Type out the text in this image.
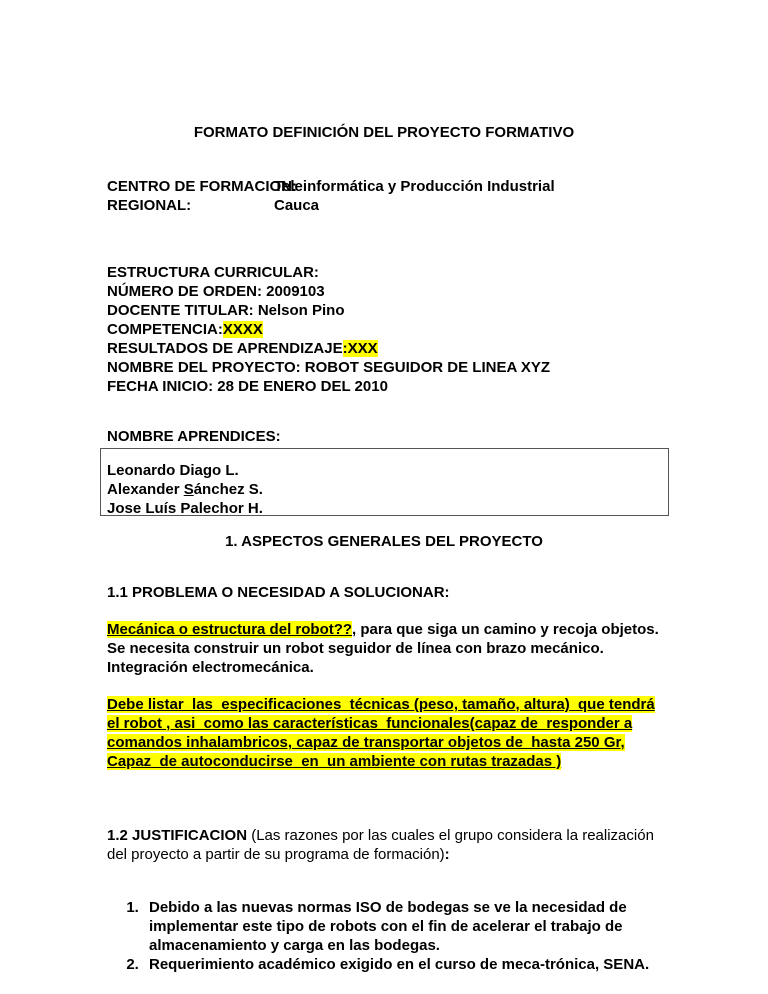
FORMATO DEFINICIÓN DEL PROYECTO FORMATIVO
CENTRO DE FORMACION:Teleinformática y Producción Industrial
REGIONAL:	Cauca
ESTRUCTURA CURRICULAR:
NÚMERO DE ORDEN: 2009103
DOCENTE TITULAR: Nelson Pino
COMPETENCIA:XXXX
RESULTADOS DE APRENDIZAJE:XXX
NOMBRE DEL PROYECTO: ROBOT SEGUIDOR DE LINEA XYZ
FECHA INICIO: 28 DE ENERO DEL 2010
NOMBRE APRENDICES:
Leonardo Diago L.
Alexander Sánchez S.
Jose Luís Palechor H.
1. ASPECTOS GENERALES DEL PROYECTO
1.1 PROBLEMA O NECESIDAD A SOLUCIONAR:
Mecánica o estructura del robot??, para que siga un camino y recoja objetos.
Se necesita construir un robot seguidor de línea con brazo mecánico.
Integración electromecánica.
Debe listar  las  especificaciones  técnicas (peso, tamaño, altura)  que tendrá
el robot , asi  como las características  funcionales(capaz de  responder a
comandos inhalambricos, capaz de transportar objetos de  hasta 250 Gr,
Capaz  de autoconducirse  en  un ambiente con rutas trazadas )
1.2 JUSTIFICACION (Las razones por las cuales el grupo considera la realización
del proyecto a partir de su programa de formación):
1. Debido a las nuevas normas ISO de bodegas se ve la necesidad de implementar este tipo de robots con el fin de acelerar el trabajo de almacenamiento y carga en las bodegas.
2. Requerimiento académico exigido en el curso de meca-trónica, SENA.
